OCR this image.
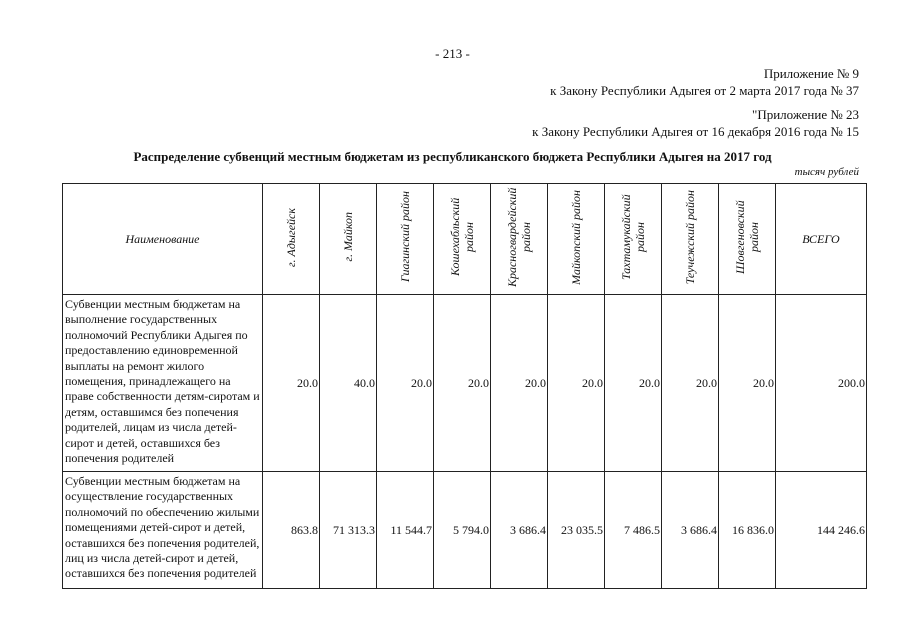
- 213 -
Приложение № 9
к Закону Республики Адыгея от 2 марта 2017 года № 37
"Приложение № 23
к Закону Республики Адыгея от 16 декабря 2016 года № 15
Распределение субвенций местным бюджетам из республиканского бюджета Республики Адыгея на 2017 год
тысяч рублей
Наименование	г. Адыгейск	г. Майкоп	Гиагинский район	Кошехабльский район	Красногвардейский район	Майкопский район	Тахтамукайский район	Теучежский район	Шовгеновский район	ВСЕГО
Субвенции местным бюджетам на выполнение государственных полномочий Республики Адыгея по предоставлению единовременной выплаты на ремонт жилого помещения, принадлежащего на праве собственности детям-сиротам и детям, оставшимся без попечения родителей, лицам из числа детей-сирот и детей, оставшихся без попечения родителей	20.0	40.0	20.0	20.0	20.0	20.0	20.0	20.0	20.0	200.0
Субвенции местным бюджетам на осуществление государственных полномочий по обеспечению жилыми помещениями детей-сирот и детей, оставшихся без попечения родителей, лиц из числа детей-сирот и детей, оставшихся без попечения родителей	863.8	71 313.3	11 544.7	5 794.0	3 686.4	23 035.5	7 486.5	3 686.4	16 836.0	144 246.6
